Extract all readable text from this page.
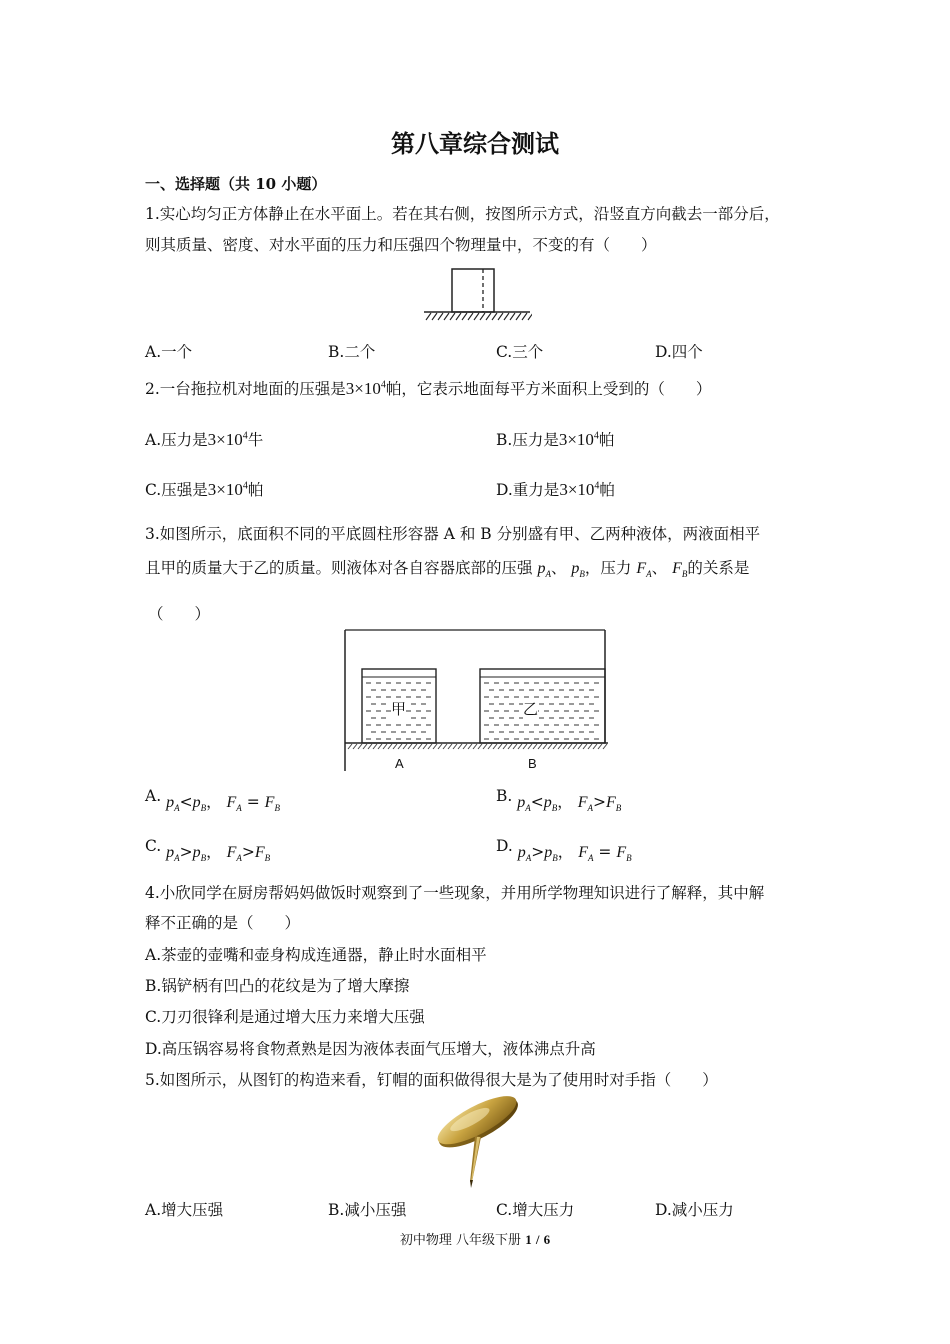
第八章综合测试
一、选择题（共 10 小题）
1.实心均匀正方体静止在水平面上。若在其右侧，按图所示方式，沿竖直方向截去一部分后，
则其质量、密度、对水平面的压力和压强四个物理量中，不变的有（　　）
A.一个	B.二个	C.三个	D.四个
2.一台拖拉机对地面的压强是$3\times 10^4$帕，它表示地面每平方米面积上受到的（　　）
A.压力是$3\times 10^4$牛	B.压力是$3\times 10^4$帕
C.压强是$3\times 10^4$帕	D.重力是$3\times 10^4$帕
3.如图所示，底面积不同的平底圆柱形容器 A 和 B 分别盛有甲、乙两种液体，两液面相平
且甲的质量大于乙的质量。则液体对各自容器底部的压强 $p_A$、 $p_B$，压力 $F_A$、 $F_B$的关系是
（　　）
甲	乙
A	B
A. $p_A<p_B$， $F_A = F_B$
B. $p_A<p_B$， $F_A>F_B$
C. $p_A>p_B$， $F_A>F_B$
D. $p_A>p_B$， $F_A = F_B$
4.小欣同学在厨房帮妈妈做饭时观察到了一些现象，并用所学物理知识进行了解释，其中解
释不正确的是（　　）
A.茶壶的壶嘴和壶身构成连通器，静止时水面相平
B.锅铲柄有凹凸的花纹是为了增大摩擦
C.刀刃很锋利是通过增大压力来增大压强
D.高压锅容易将食物煮熟是因为液体表面气压增大，液体沸点升高
5.如图所示，从图钉的构造来看，钉帽的面积做得很大是为了使用时对手指（　　）
A.增大压强	B.减小压强	C.增大压力	D.减小压力
初中物理 八年级下册 1 / 6
